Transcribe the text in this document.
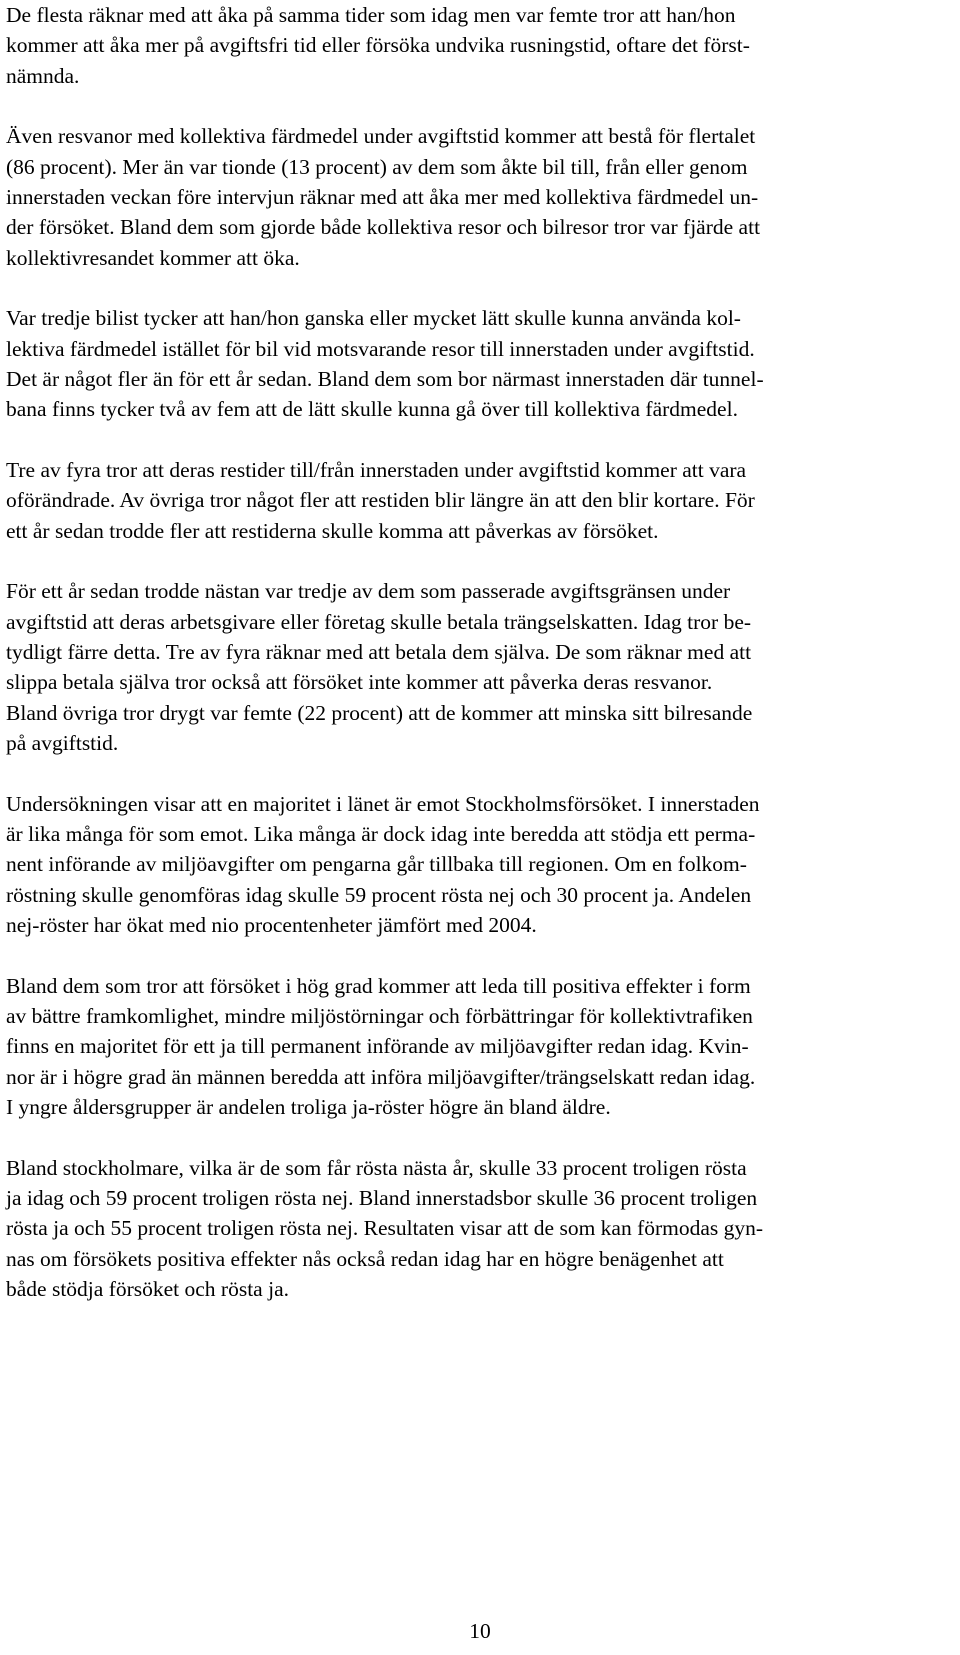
De flesta räknar med att åka på samma tider som idag men var femte tror att han/hon
kommer att åka mer på avgiftsfri tid eller försöka undvika rusningstid, oftare det först-
nämnda.

Även resvanor med kollektiva färdmedel under avgiftstid kommer att bestå för flertalet
(86 procent). Mer än var tionde (13 procent) av dem som åkte bil till, från eller genom
innerstaden veckan före intervjun räknar med att åka mer med kollektiva färdmedel un-
der försöket. Bland dem som gjorde både kollektiva resor och bilresor tror var fjärde att
kollektivresandet kommer att öka.

Var tredje bilist tycker att han/hon ganska eller mycket lätt skulle kunna använda kol-
lektiva färdmedel istället för bil vid motsvarande resor till innerstaden under avgiftstid.
Det är något fler än för ett år sedan. Bland dem som bor närmast innerstaden där tunnel-
bana finns tycker två av fem att de lätt skulle kunna gå över till kollektiva färdmedel.

Tre av fyra tror att deras restider till/från innerstaden under avgiftstid kommer att vara
oförändrade. Av övriga tror något fler att restiden blir längre än att den blir kortare. För
ett år sedan trodde fler att restiderna skulle komma att påverkas av försöket.

För ett år sedan trodde nästan var tredje av dem som passerade avgiftsgränsen under
avgiftstid att deras arbetsgivare eller företag skulle betala trängselskatten. Idag tror be-
tydligt färre detta. Tre av fyra räknar med att betala dem själva. De som räknar med att
slippa betala själva tror också att försöket inte kommer att påverka deras resvanor.
Bland övriga tror drygt var femte (22 procent) att de kommer att minska sitt bilresande
på avgiftstid.

Undersökningen visar att en majoritet i länet är emot Stockholmsförsöket. I innerstaden
är lika många för som emot. Lika många är dock idag inte beredda att stödja ett perma-
nent införande av miljöavgifter om pengarna går tillbaka till regionen. Om en folkom-
röstning skulle genomföras idag skulle 59 procent rösta nej och 30 procent ja. Andelen
nej-röster har ökat med nio procentenheter jämfört med 2004.

Bland dem som tror att försöket i hög grad kommer att leda till positiva effekter i form
av bättre framkomlighet, mindre miljöstörningar och förbättringar för kollektivtrafiken
finns en majoritet för ett ja till permanent införande av miljöavgifter redan idag. Kvin-
nor är i högre grad än männen beredda att införa miljöavgifter/trängselskatt redan idag.
I yngre åldersgrupper är andelen troliga ja-röster högre än bland äldre.

Bland stockholmare, vilka är de som får rösta nästa år, skulle 33 procent troligen rösta
ja idag och 59 procent troligen rösta nej. Bland innerstadsbor skulle 36 procent troligen
rösta ja och 55 procent troligen rösta nej. Resultaten visar att de som kan förmodas gyn-
nas om försökets positiva effekter nås också redan idag har en högre benägenhet att
både stödja försöket och rösta ja.

10
